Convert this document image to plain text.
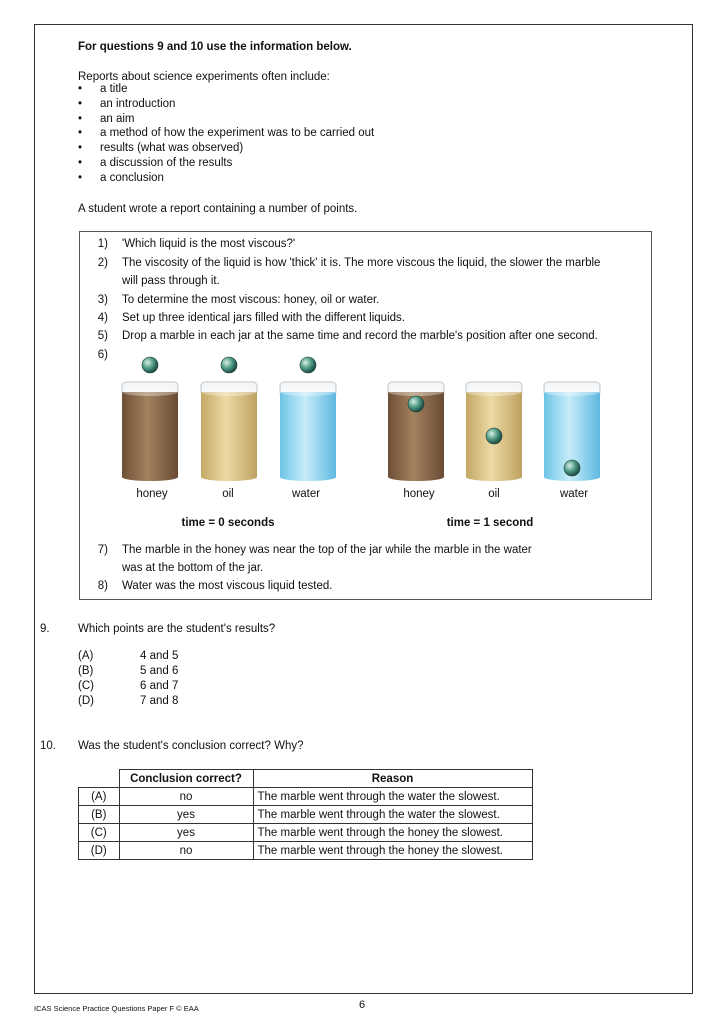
For questions 9 and 10 use the information below.
Reports about science experiments often include:
• a title
• an introduction
• an aim
• a method of how the experiment was to be carried out
• results (what was observed)
• a discussion of the results
• a conclusion
A student wrote a report containing a number of points.
1) 'Which liquid is the most viscous?'
2) The viscosity of the liquid is how 'thick' it is. The more viscous the liquid, the slower the marble
will pass through it.
3) To determine the most viscous: honey, oil or water.
4) Set up three identical jars filled with the different liquids.
5) Drop a marble in each jar at the same time and record the marble's position after one second.
6)
honey	oil	water	honey	oil	water
time = 0 seconds	time = 1 second
7) The marble in the honey was near the top of the jar while the marble in the water
was at the bottom of the jar.
8) Water was the most viscous liquid tested.
9. Which points are the student's results?
(A)	4 and 5
(B)	5 and 6
(C)	6 and 7
(D)	7 and 8
10. Was the student's conclusion correct? Why?
	Conclusion correct?	Reason
(A)	no	The marble went through the water the slowest.
(B)	yes	The marble went through the water the slowest.
(C)	yes	The marble went through the honey the slowest.
(D)	no	The marble went through the honey the slowest.
ICAS Science Practice Questions Paper F © EAA	6
